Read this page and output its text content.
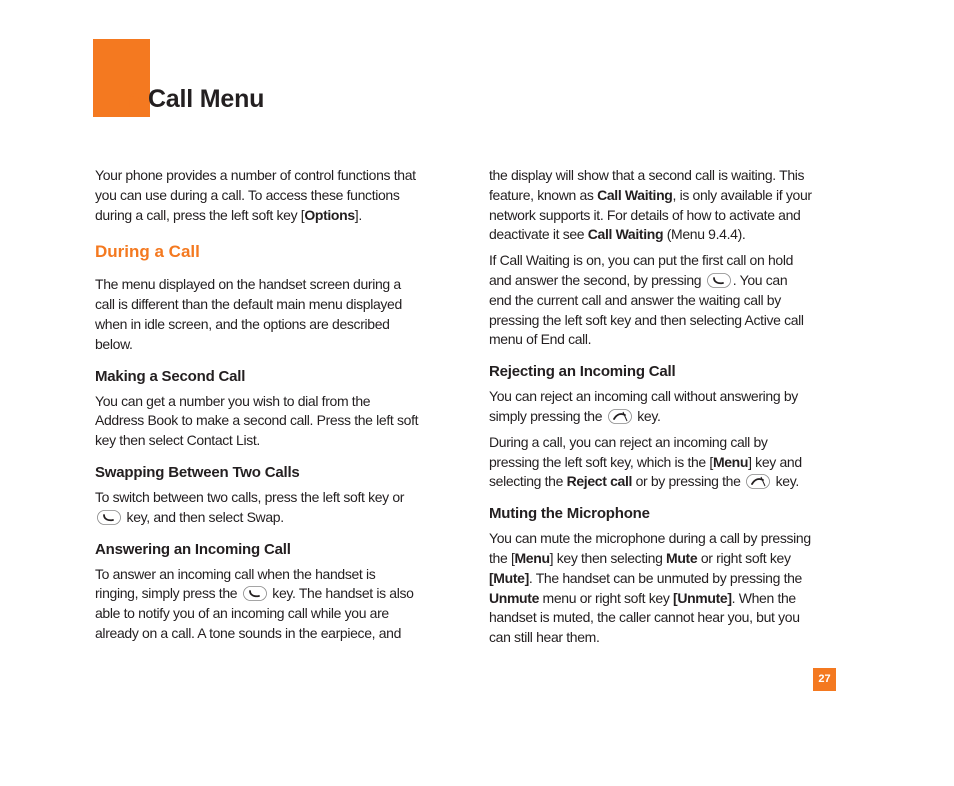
In-Call Menu

Your phone provides a number of control functions that
you can use during a call. To access these functions
during a call, press the left soft key [Options].

During a Call

The menu displayed on the handset screen during a
call is different than the default main menu displayed
when in idle screen, and the options are described
below.

Making a Second Call

You can get a number you wish to dial from the
Address Book to make a second call. Press the left soft
key then select Contact List.

Swapping Between Two Calls

To switch between two calls, press the left soft key or
key, and then select Swap.

Answering an Incoming Call

To answer an incoming call when the handset is
ringing, simply press the	key. The handset is also
able to notify you of an incoming call while you are
already on a call. A tone sounds in the earpiece, and

the display will show that a second call is waiting. This
feature, known as Call Waiting, is only available if your
network supports it. For details of how to activate and
deactivate it see Call Waiting (Menu 9.4.4).

If Call Waiting is on, you can put the first call on hold
and answer the second, by pressing . You can
end the current call and answer the waiting call by
pressing the left soft key and then selecting Active call
menu of End call.

Rejecting an Incoming Call

You can reject an incoming call without answering by
simply pressing the	key.

During a call, you can reject an incoming call by
pressing the left soft key, which is the [Menu] key and
selecting the Reject call or by pressing the	key.

Muting the Microphone

You can mute the microphone during a call by pressing
the [Menu] key then selecting Mute or right soft key
[Mute]. The handset can be unmuted by pressing the
Unmute menu or right soft key [Unmute]. When the
handset is muted, the caller cannot hear you, but you
can still hear them.

27
